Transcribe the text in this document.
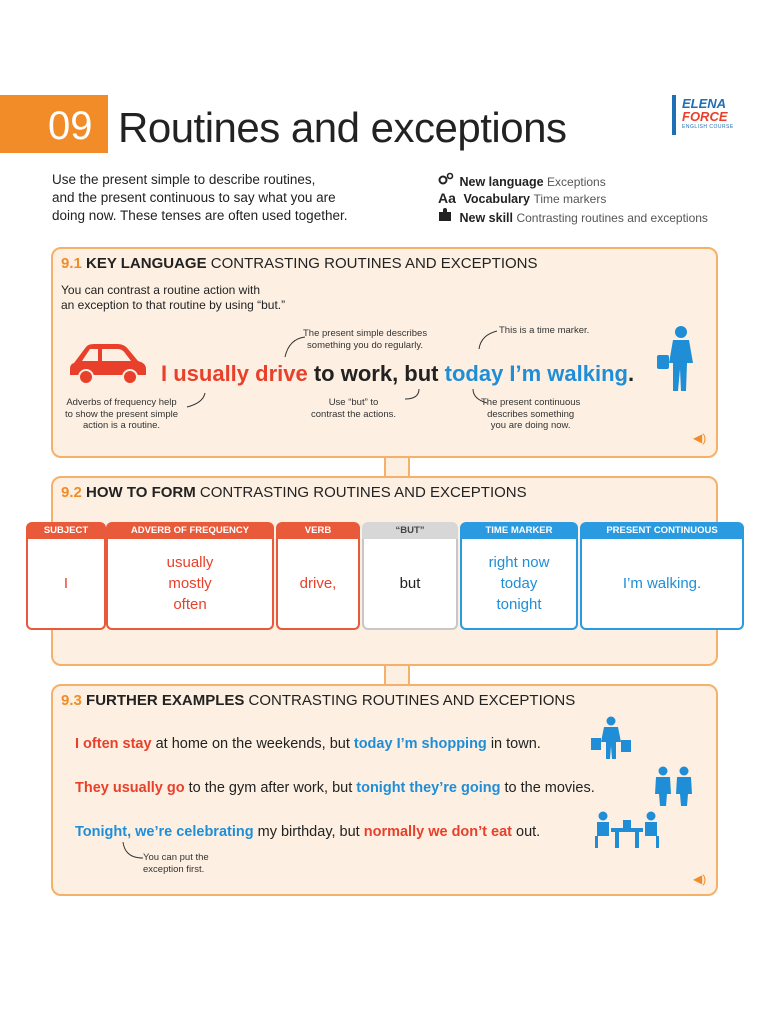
09 Routines and exceptions
ELENA
FORCE
ENGLISH COURSE
Use the present simple to describe routines,
and the present continuous to say what you are
doing now. These tenses are often used together.
New language Exceptions
Aa Vocabulary Time markers
New skill Contrasting routines and exceptions
9.1 KEY LANGUAGE CONTRASTING ROUTINES AND EXCEPTIONS
You can contrast a routine action with
an exception to that routine by using “but.”
I usually drive to work, but today I’m walking.
The present simple describes
something you do regularly.
This is a time marker.
Adverbs of frequency help
to show the present simple
action is a routine.
Use “but” to
contrast the actions.
The present continuous
describes something
you are doing now.
◀)
9.2 HOW TO FORM CONTRASTING ROUTINES AND EXCEPTIONS
SUBJECT
I
ADVERB OF FREQUENCY
usually
mostly
often
VERB
drive,
“BUT”
but
TIME MARKER
right now
today
tonight
PRESENT CONTINUOUS
I’m walking.
9.3 FURTHER EXAMPLES CONTRASTING ROUTINES AND EXCEPTIONS
I often stay at home on the weekends, but today I’m shopping in town.
They usually go to the gym after work, but tonight they’re going to the movies.
Tonight, we’re celebrating my birthday, but normally we don’t eat out.
You can put the
exception first.
◀)
